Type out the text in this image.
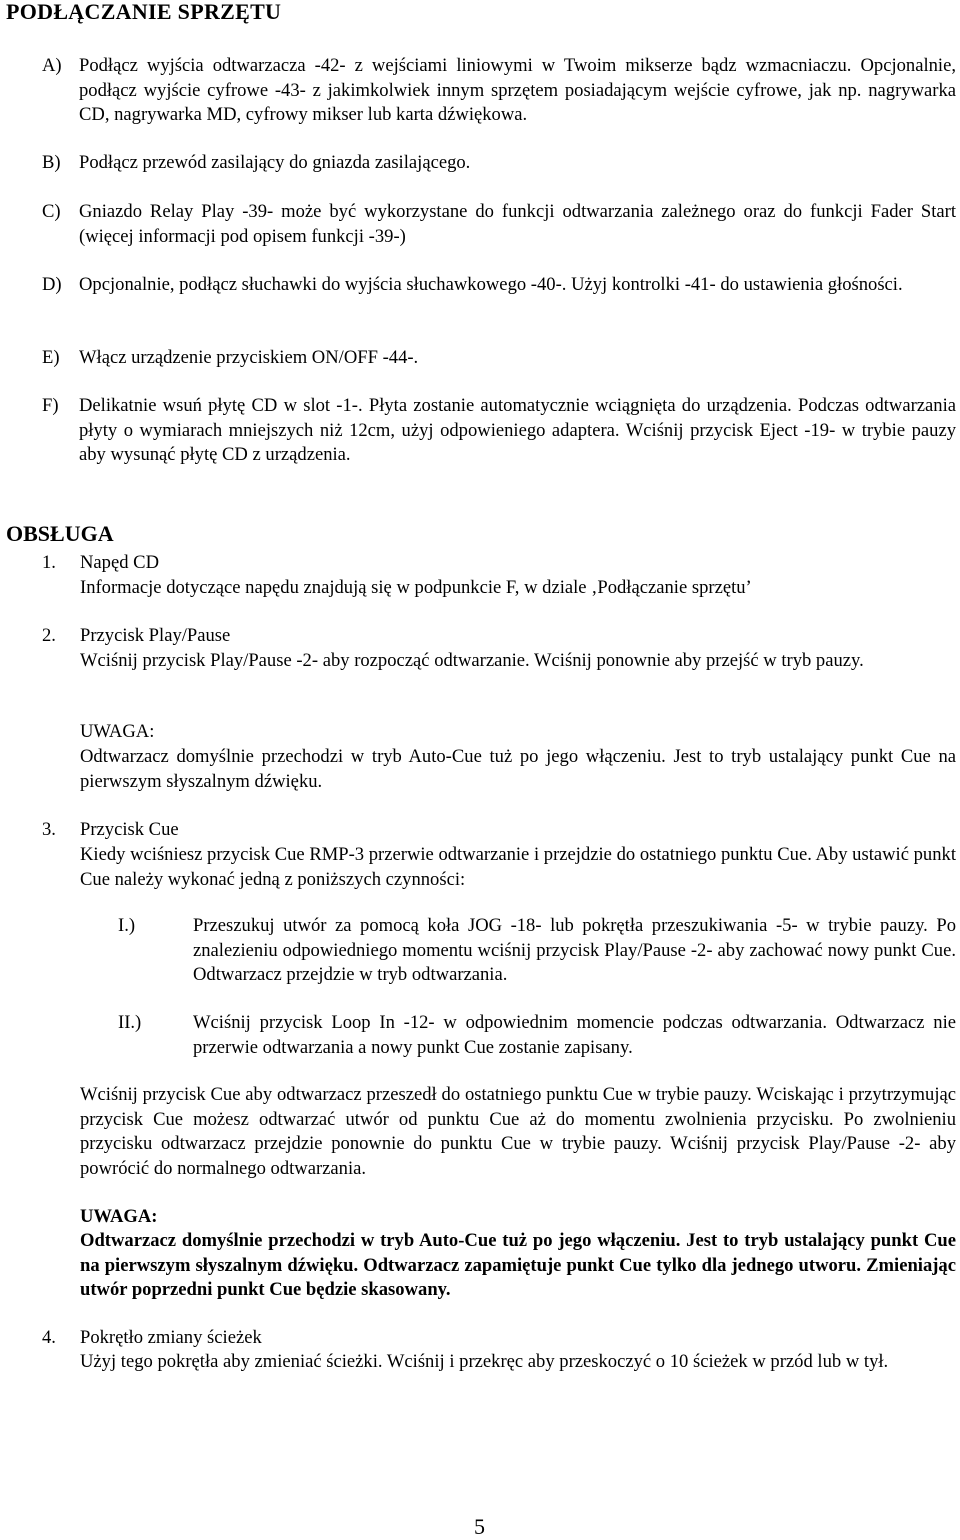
PODŁĄCZANIE SPRZĘTU
A) Podłącz wyjścia odtwarzacza -42- z wejściami liniowymi w Twoim mikserze bądz wzmacniaczu. Opcjonalnie, podłącz wyjście cyfrowe -43- z jakimkolwiek innym sprzętem posiadającym wejście cyfrowe, jak np. nagrywarka CD, nagrywarka MD, cyfrowy mikser lub karta dźwiękowa.
B) Podłącz przewód zasilający do gniazda zasilającego.
C) Gniazdo Relay Play -39- może być wykorzystane do funkcji odtwarzania zależnego oraz do funkcji Fader Start (więcej informacji pod opisem funkcji -39-)
D) Opcjonalnie, podłącz słuchawki do wyjścia słuchawkowego -40-. Użyj kontrolki -41- do ustawienia głośności.
E) Włącz urządzenie przyciskiem ON/OFF -44-.
F) Delikatnie wsuń płytę CD w slot -1-. Płyta zostanie automatycznie wciągnięta do urządzenia. Podczas odtwarzania płyty o wymiarach mniejszych niż 12cm, użyj odpowieniego adaptera. Wciśnij przycisk Eject -19- w trybie pauzy aby wysunąć płytę CD z urządzenia.
OBSŁUGA
1. Napęd CD
Informacje dotyczące napędu znajdują się w podpunkcie F, w dziale ‚Podłączanie sprzętu’
2. Przycisk Play/Pause
Wciśnij przycisk Play/Pause -2- aby rozpocząć odtwarzanie. Wciśnij ponownie aby przejść w tryb pauzy.
UWAGA:
Odtwarzacz domyślnie przechodzi w tryb Auto-Cue tuż po jego włączeniu. Jest to tryb ustalający punkt Cue na pierwszym słyszalnym dźwięku.
3. Przycisk Cue
Kiedy wciśniesz przycisk Cue RMP-3 przerwie odtwarzanie i przejdzie do ostatniego punktu Cue. Aby ustawić punkt Cue należy wykonać jedną z poniższych czynności:
I.)	Przeszukuj utwór za pomocą koła JOG -18- lub pokrętła przeszukiwania -5- w trybie pauzy. Po znalezieniu odpowiedniego momentu wciśnij przycisk Play/Pause -2- aby zachować nowy punkt Cue. Odtwarzacz przejdzie w tryb odtwarzania.
II.)	Wciśnij przycisk Loop In -12- w odpowiednim momencie podczas odtwarzania. Odtwarzacz nie przerwie odtwarzania a nowy punkt Cue zostanie zapisany.
Wciśnij przycisk Cue aby odtwarzacz przeszedł do ostatniego punktu Cue w trybie pauzy. Wciskając i przytrzymując przycisk Cue możesz odtwarzać utwór od punktu Cue aż do momentu zwolnienia przycisku. Po zwolnieniu przycisku odtwarzacz przejdzie ponownie do punktu Cue w trybie pauzy. Wciśnij przycisk Play/Pause -2- aby powrócić do normalnego odtwarzania.
UWAGA:
Odtwarzacz domyślnie przechodzi w tryb Auto-Cue tuż po jego włączeniu. Jest to tryb ustalający punkt Cue na pierwszym słyszalnym dźwięku. Odtwarzacz zapamiętuje punkt Cue tylko dla jednego utworu. Zmieniając utwór poprzedni punkt Cue będzie skasowany.
4. Pokrętło zmiany ścieżek
Użyj tego pokrętła aby zmieniać ścieżki. Wciśnij i przekręc aby przeskoczyć o 10 ścieżek w przód lub w tył.
5
